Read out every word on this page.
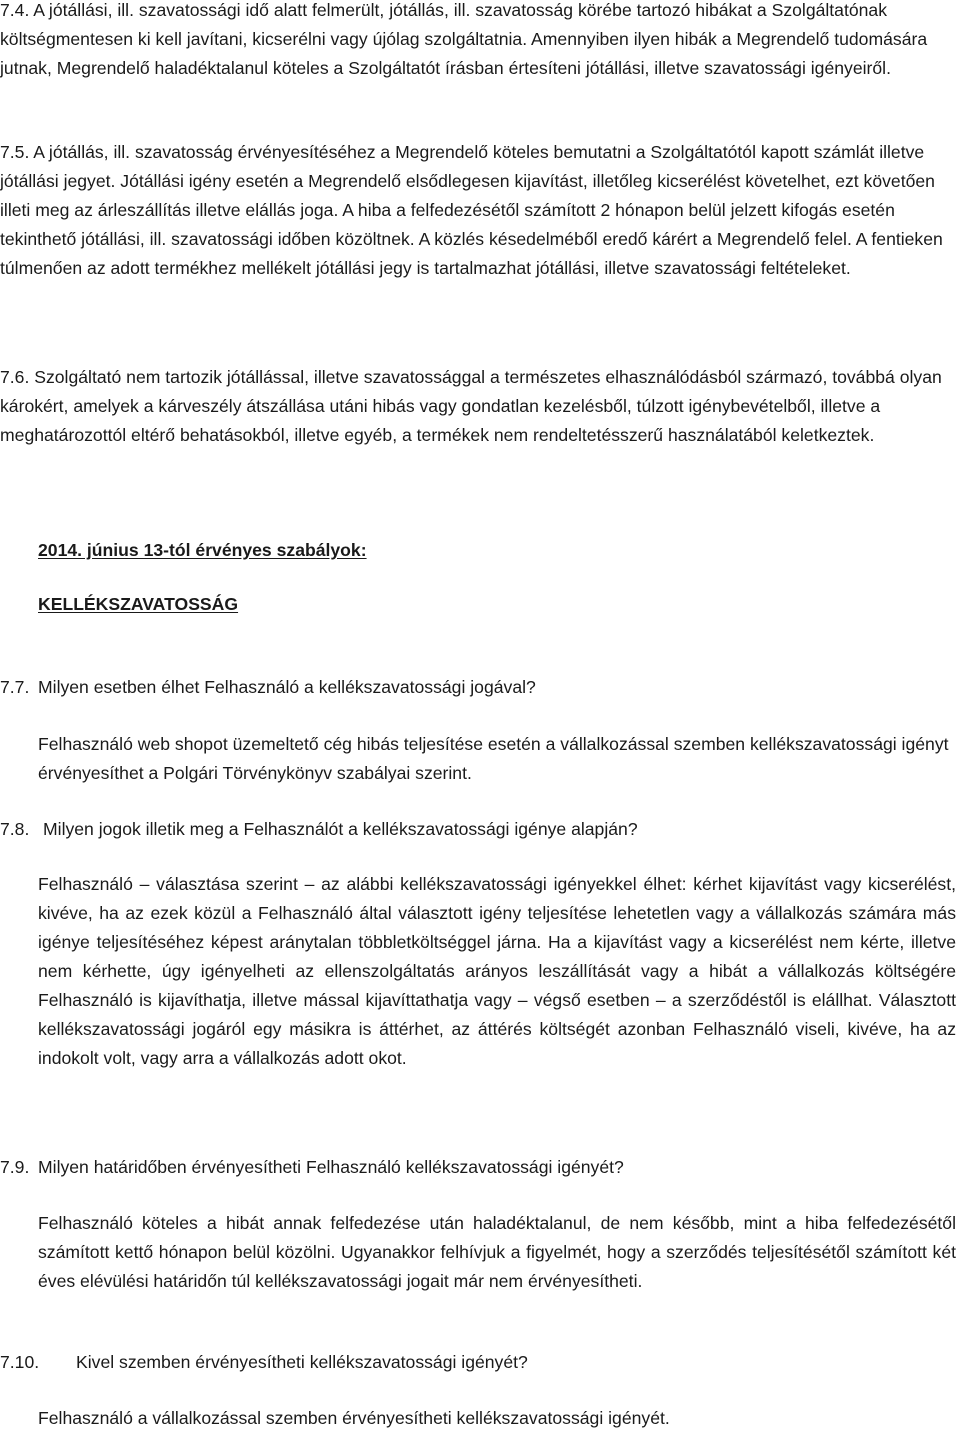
7.4. A jótállási, ill. szavatossági idő alatt felmerült, jótállás, ill. szavatosság körébe tartozó hibákat a Szolgáltatónak költségmentesen ki kell javítani, kicserélni vagy újólag szolgáltatnia. Amennyiben ilyen hibák a Megrendelő tudomására jutnak, Megrendelő haladéktalanul köteles a Szolgáltatót írásban értesíteni jótállási, illetve szavatossági igényeiről.

7.5. A jótállás, ill. szavatosság érvényesítéséhez a Megrendelő köteles bemutatni a Szolgáltatótól kapott számlát illetve jótállási jegyet. Jótállási igény esetén a Megrendelő elsődlegesen kijavítást, illetőleg kicserélést követelhet, ezt követően illeti meg az árleszállítás illetve elállás joga. A hiba a felfedezésétől számított 2 hónapon belül jelzett kifogás esetén tekinthető jótállási, ill. szavatossági időben közöltnek. A közlés késedelméből eredő kárért a Megrendelő felel. A fentieken túlmenően az adott termékhez mellékelt jótállási jegy is tartalmazhat jótállási, illetve szavatossági feltételeket.

7.6. Szolgáltató nem tartozik jótállással, illetve szavatossággal a természetes elhasználódásból származó, továbbá olyan károkért, amelyek a kárveszély átszállása utáni hibás vagy gondatlan kezelésből, túlzott igénybevételből, illetve a meghatározottól eltérő behatásokból, illetve egyéb, a termékek nem rendeltetésszerű használatából keletkeztek.

2014. június 13-tól érvényes szabályok:
KELLÉKSZAVATOSSÁG
7.7. Milyen esetben élhet Felhasználó a kellékszavatossági jogával?

Felhasználó web shopot üzemeltető cég hibás teljesítése esetén a vállalkozással szemben kellékszavatossági igényt érvényesíthet a Polgári Törvénykönyv szabályai szerint.

7.8. Milyen jogok illetik meg a Felhasználót a kellékszavatossági igénye alapján?

Felhasználó – választása szerint – az alábbi kellékszavatossági igényekkel élhet: kérhet kijavítást vagy kicserélést, kivéve, ha az ezek közül a Felhasználó által választott igény teljesítése lehetetlen vagy a vállalkozás számára más igénye teljesítéséhez képest aránytalan többletköltséggel járna. Ha a kijavítást vagy a kicserélést nem kérte, illetve nem kérhette, úgy igényelheti az ellenszolgáltatás arányos leszállítását vagy a hibát a vállalkozás költségére Felhasználó is kijavíthatja, illetve mással kijavíttathatja vagy – végső esetben – a szerződéstől is elállhat. Választott kellékszavatossági jogáról egy másikra is áttérhet, az áttérés költségét azonban Felhasználó viseli, kivéve, ha az indokolt volt, vagy arra a vállalkozás adott okot.

7.9. Milyen határidőben érvényesítheti Felhasználó kellékszavatossági igényét?

Felhasználó köteles a hibát annak felfedezése után haladéktalanul, de nem később, mint a hiba felfedezésétől számított kettő hónapon belül közölni. Ugyanakkor felhívjuk a figyelmét, hogy a szerződés teljesítésétől számított két éves elévülési határidőn túl kellékszavatossági jogait már nem érvényesítheti.

7.10. Kivel szemben érvényesítheti kellékszavatossági igényét?

Felhasználó a vállalkozással szemben érvényesítheti kellékszavatossági igényét.
